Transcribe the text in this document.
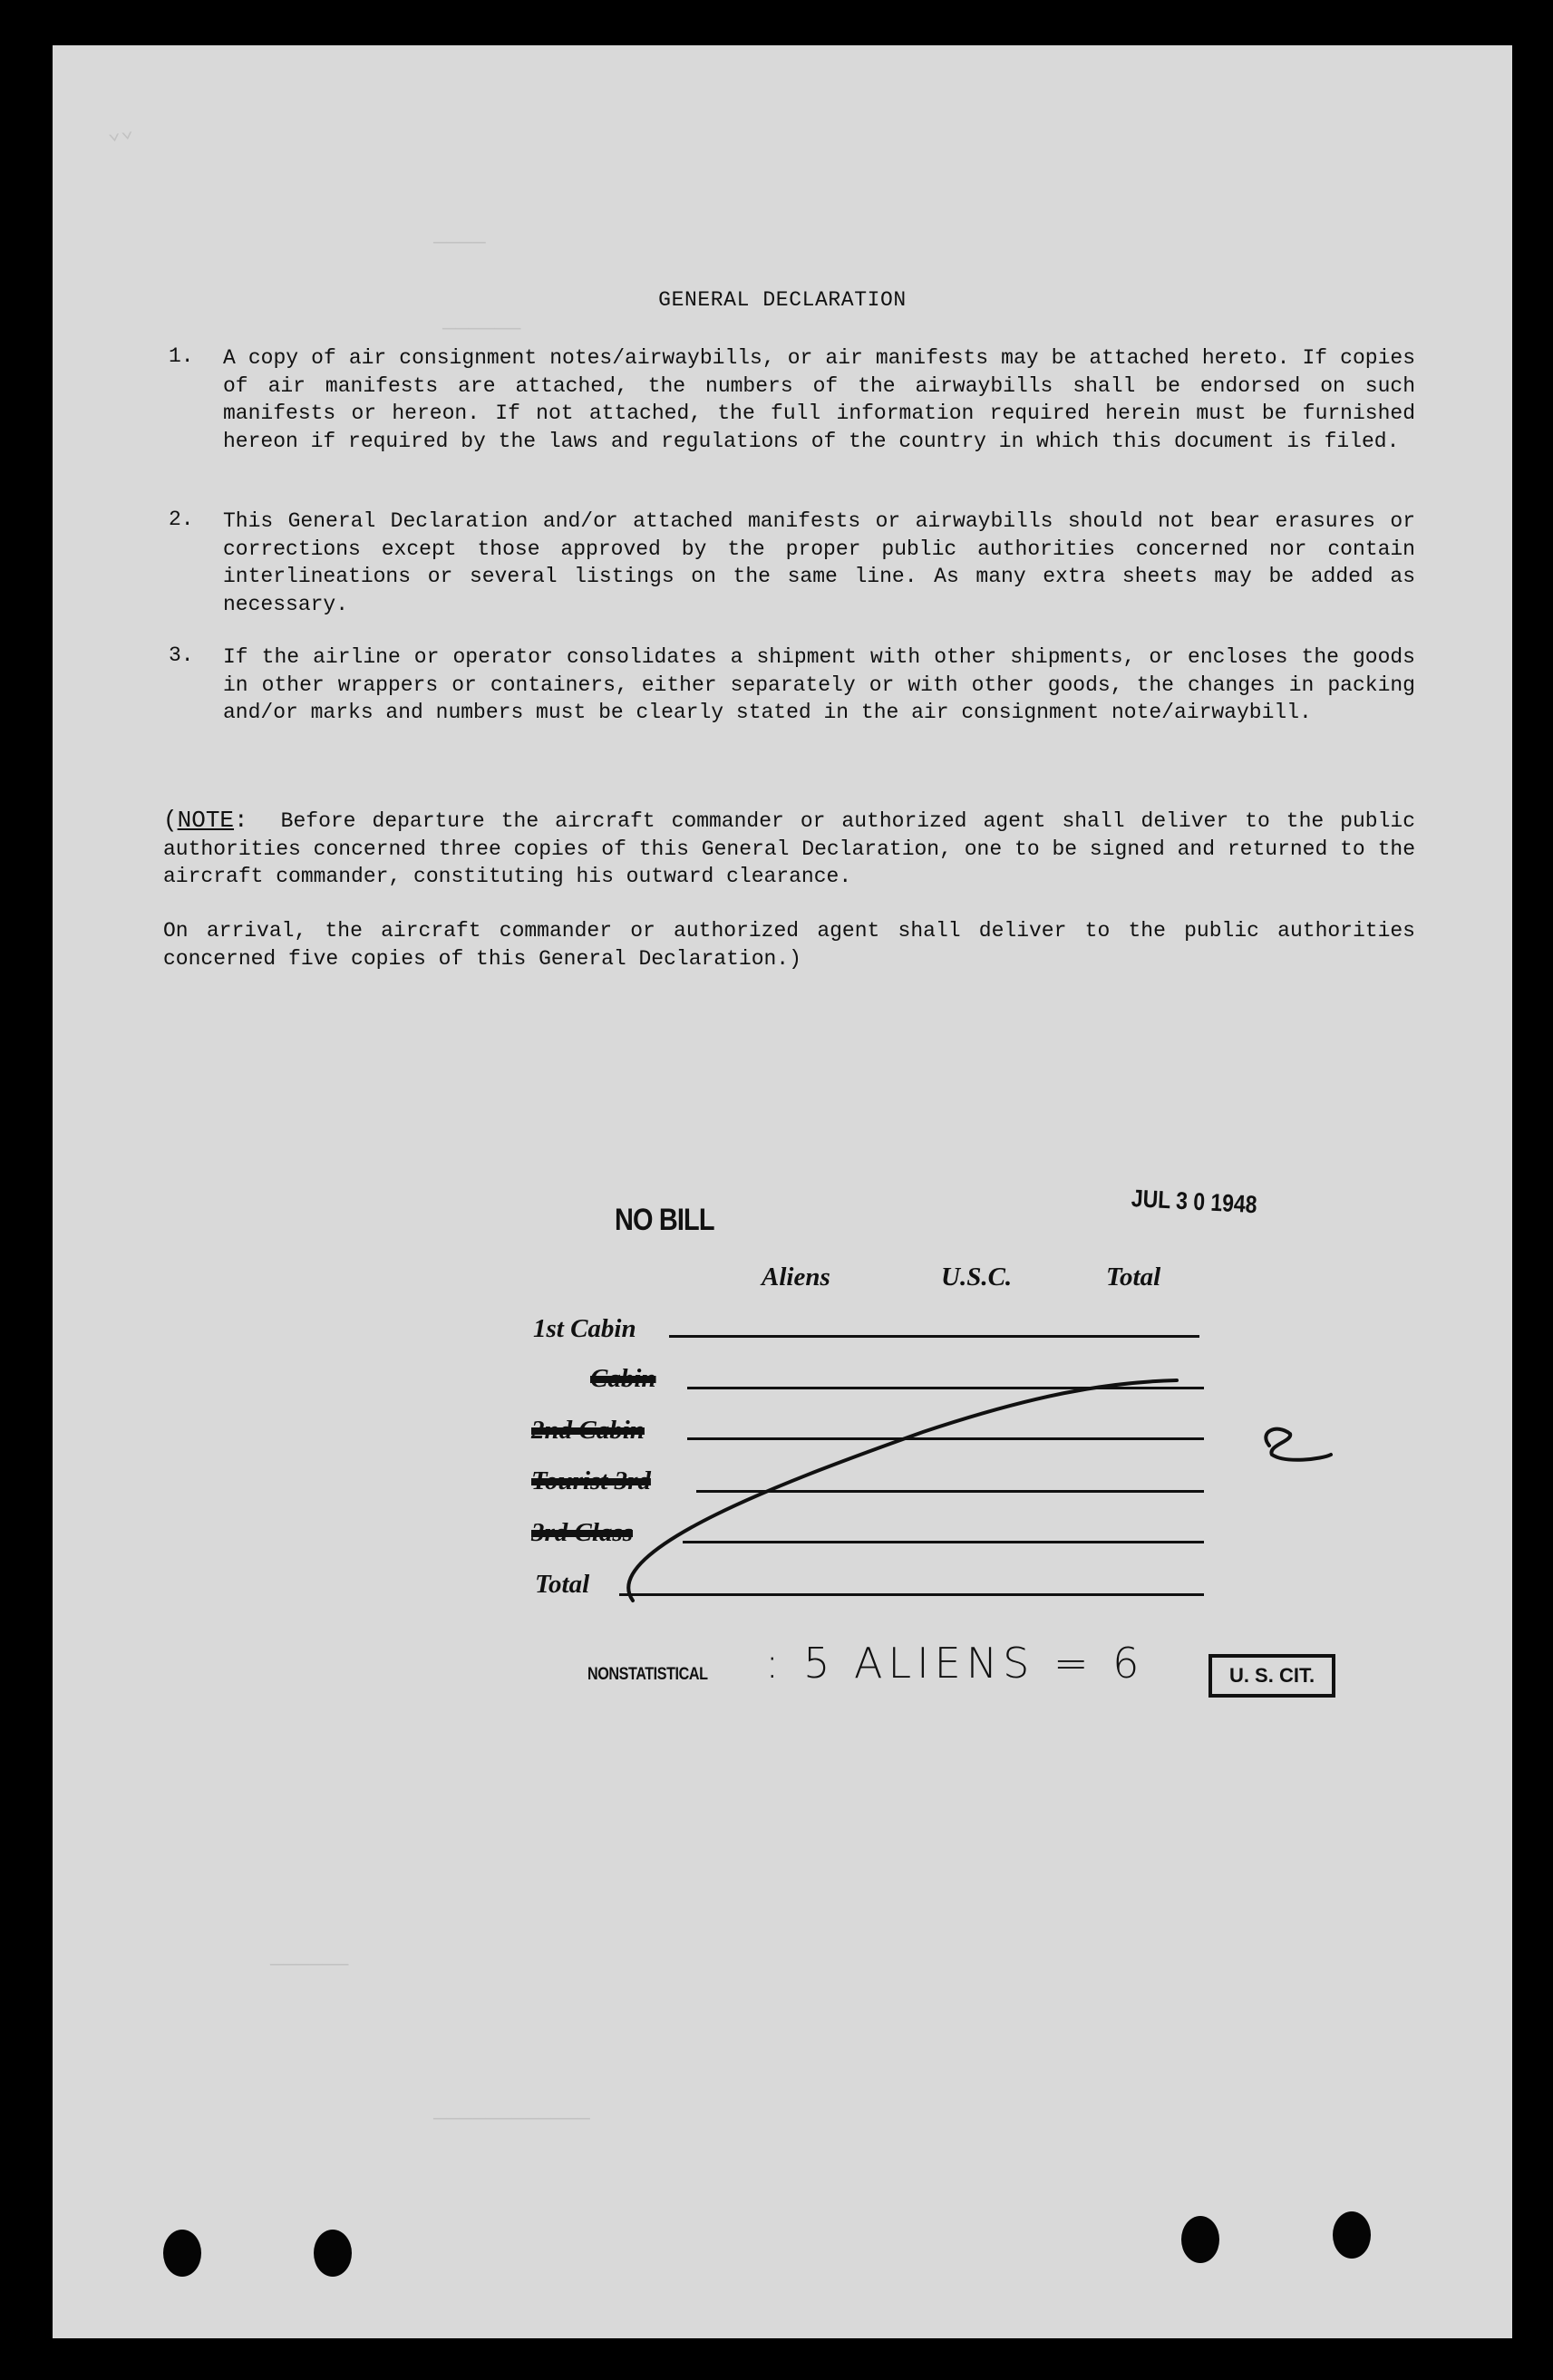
⌄⌄
————
——————
——————
————————————
GENERAL DECLARATION
1. A copy of air consignment notes/airwaybills, or air manifests may be attached hereto. If copies of air manifests are attached, the numbers of the airwaybills shall be endorsed on such manifests or hereon. If not attached, the full information required herein must be furnished hereon if required by the laws and regulations of the country in which this document is filed.
2. This General Declaration and/or attached manifests or airwaybills should not bear erasures or corrections except those approved by the proper public authorities concerned nor contain interlineations or several listings on the same line. As many extra sheets may be added as necessary.
3. If the airline or operator consolidates a shipment with other shipments, or encloses the goods in other wrappers or containers, either separately or with other goods, the changes in packing and/or marks and numbers must be clearly stated in the air consignment note/airwaybill.
(NOTE: Before departure the aircraft commander or authorized agent shall deliver to the public authorities concerned three copies of this General Declaration, one to be signed and returned to the aircraft commander, constituting his outward clearance.
On arrival, the aircraft commander or authorized agent shall deliver to the public authorities concerned five copies of this General Declaration.)
NO BILL
JUL 3 0 1948
Aliens	U.S.C.	Total
1st Cabin
Cabin
2nd Cabin
Tourist 3rd
3rd Class
Total
NONSTATISTICAL : 5 ALIENS = 6	U. S. CIT.
